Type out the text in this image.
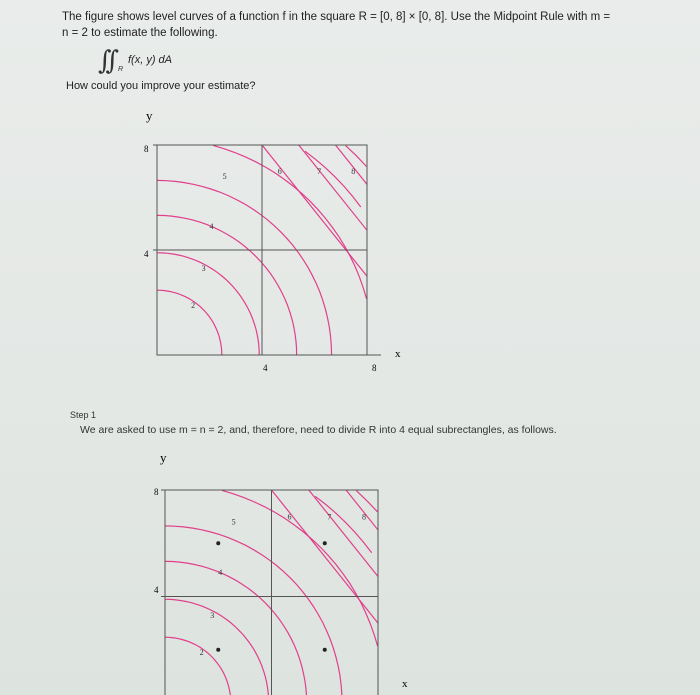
The figure shows level curves of a function f in the square R = [0, 8] × [0, 8]. Use the Midpoint Rule with m =
n = 2 to estimate the following.
∫∫ R
f(x, y) dA
How could you improve your estimate?
y
x
8
4
4	8
2
3
4
5
6	7	8
Step 1
We are asked to use m = n = 2, and, therefore, need to divide R into 4 equal subrectangles, as follows.
y
x
8
4
2
3
4
5
6	7	8
